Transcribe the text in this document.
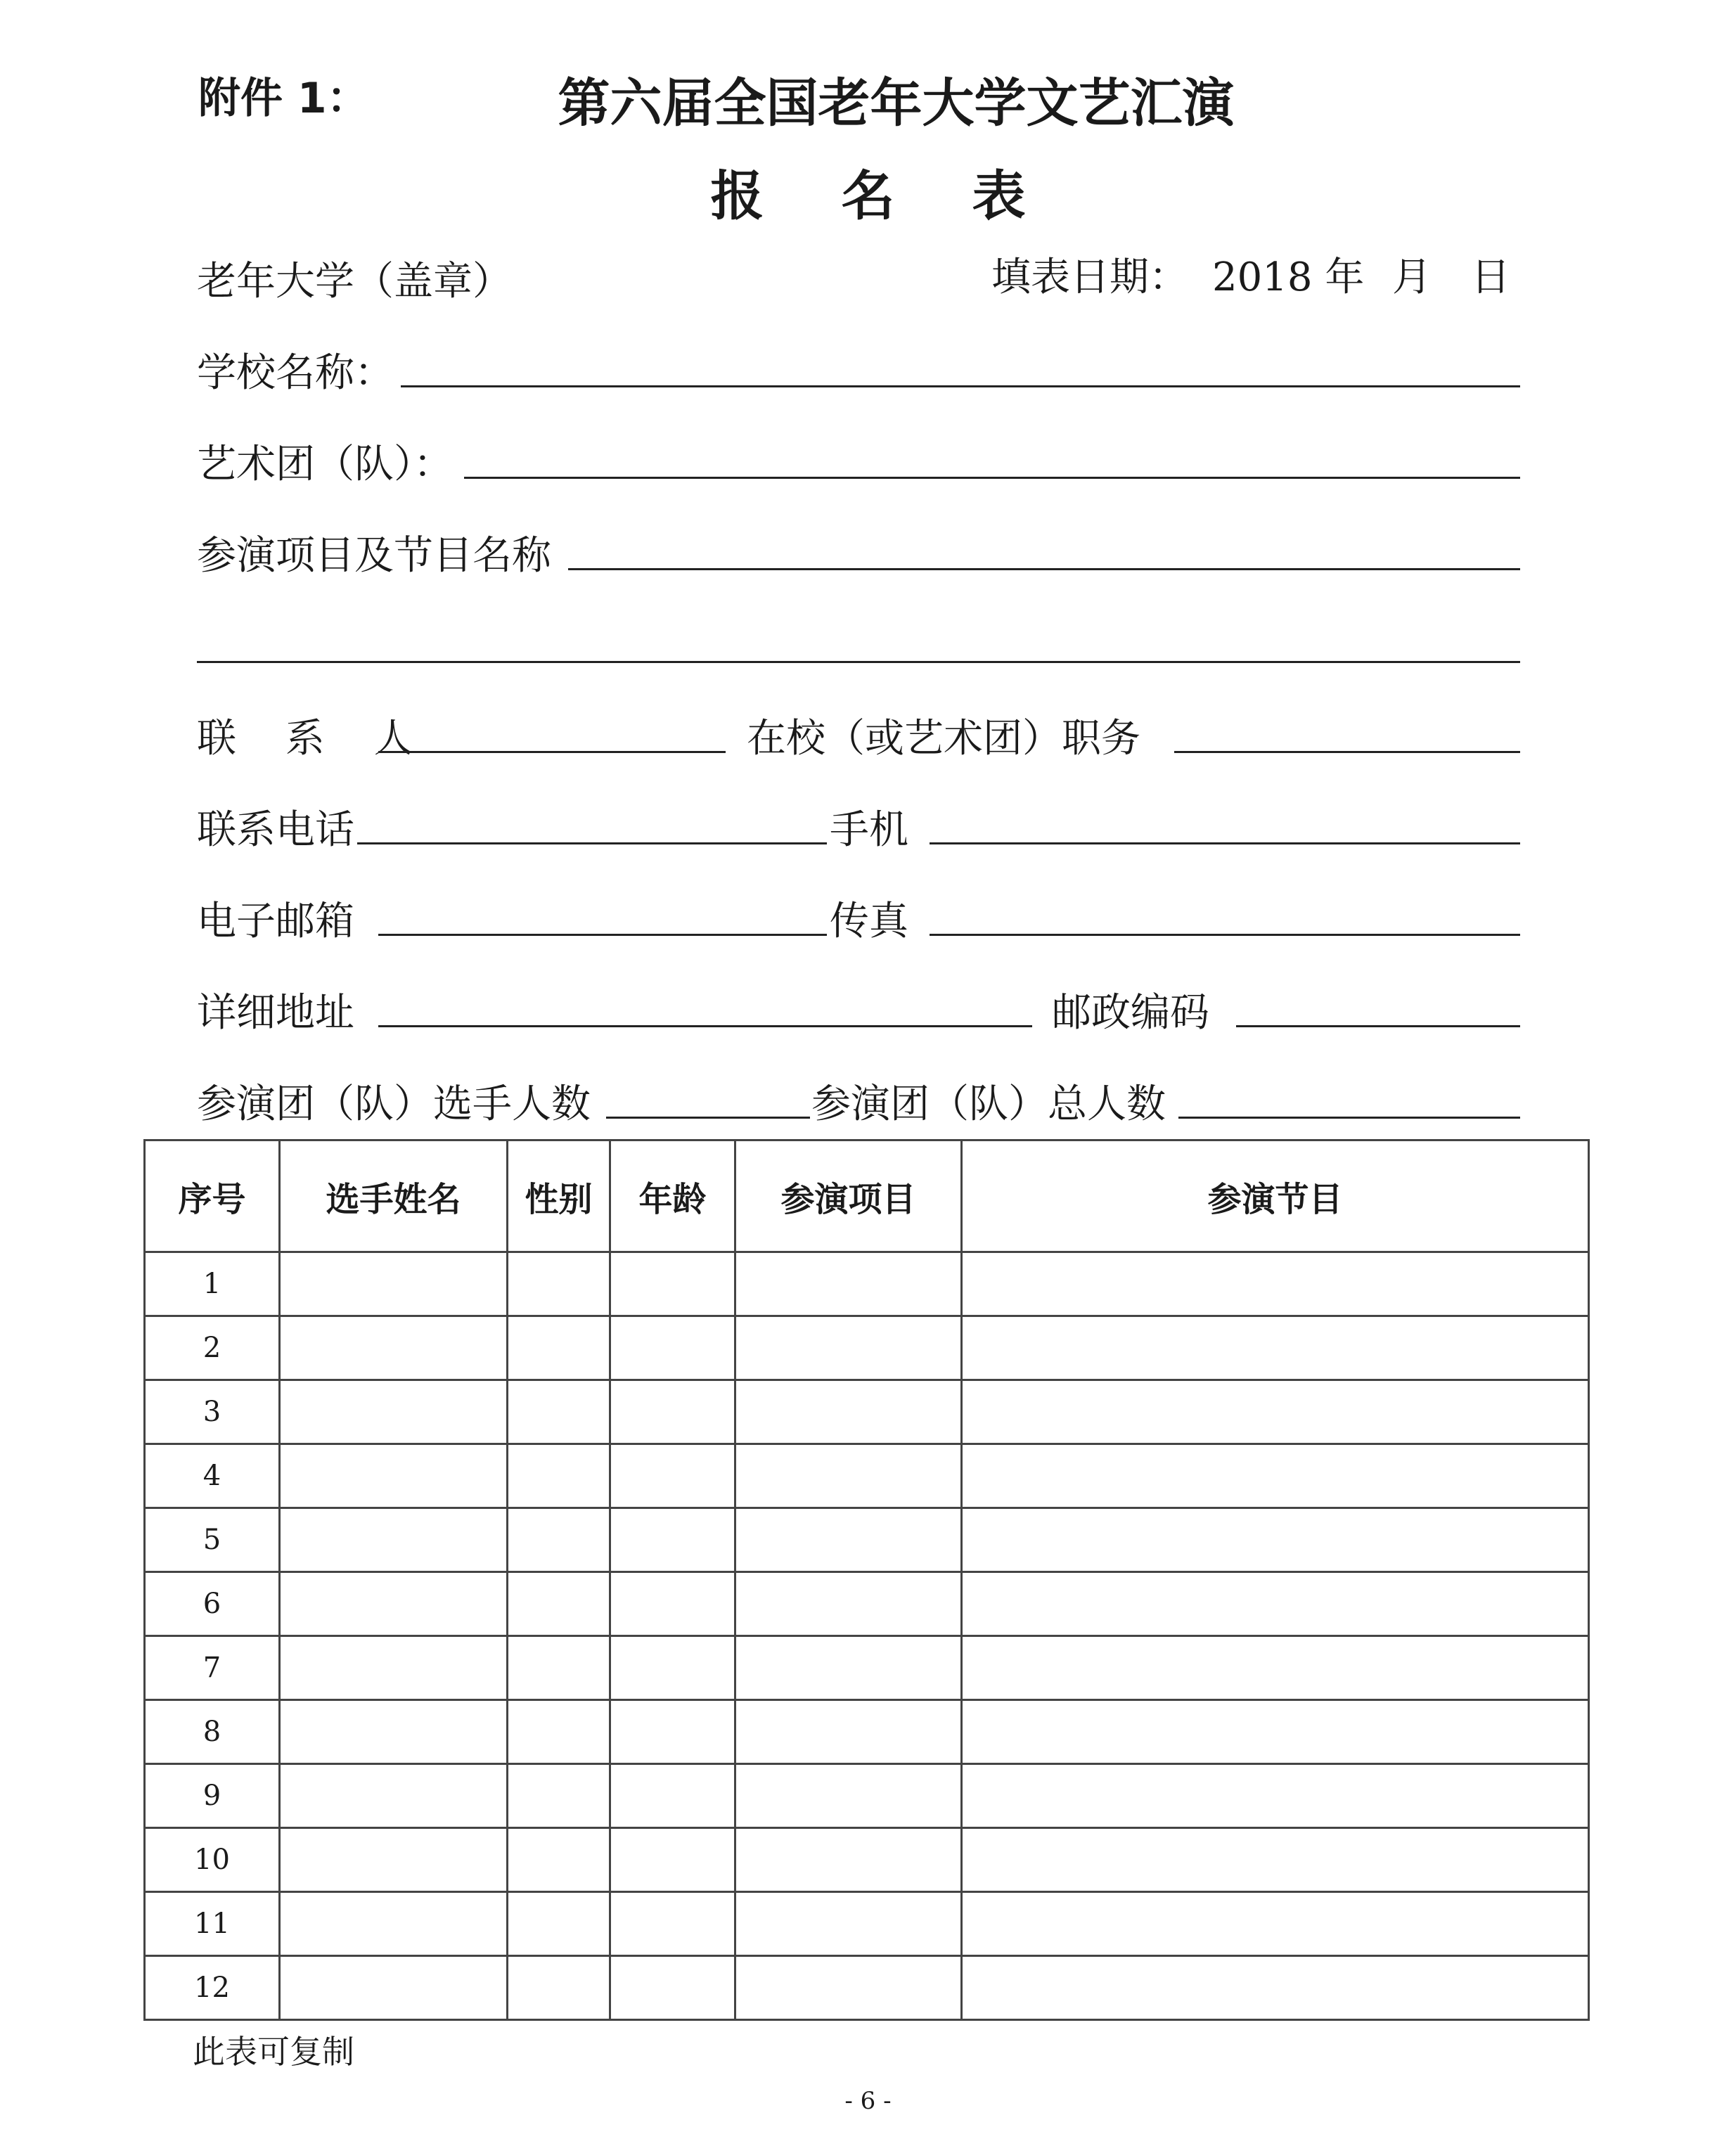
附件 1：	第六届全国老年大学文艺汇演
报名表
老年大学（盖章）	填表日期： 2018 年 月 日
学校名称：
艺术团（队）：
参演项目及节目名称
联 系 人	在校（或艺术团）职务
联系电话	手机
电子邮箱	传真
详细地址	邮政编码
参演团（队）选手人数	参演团（队）总人数
序号	选手姓名	性别	年龄	参演项目	参演节目
1					
2					
3					
4					
5					
6					
7					
8					
9					
10					
11					
12					
此表可复制
- 6 -
